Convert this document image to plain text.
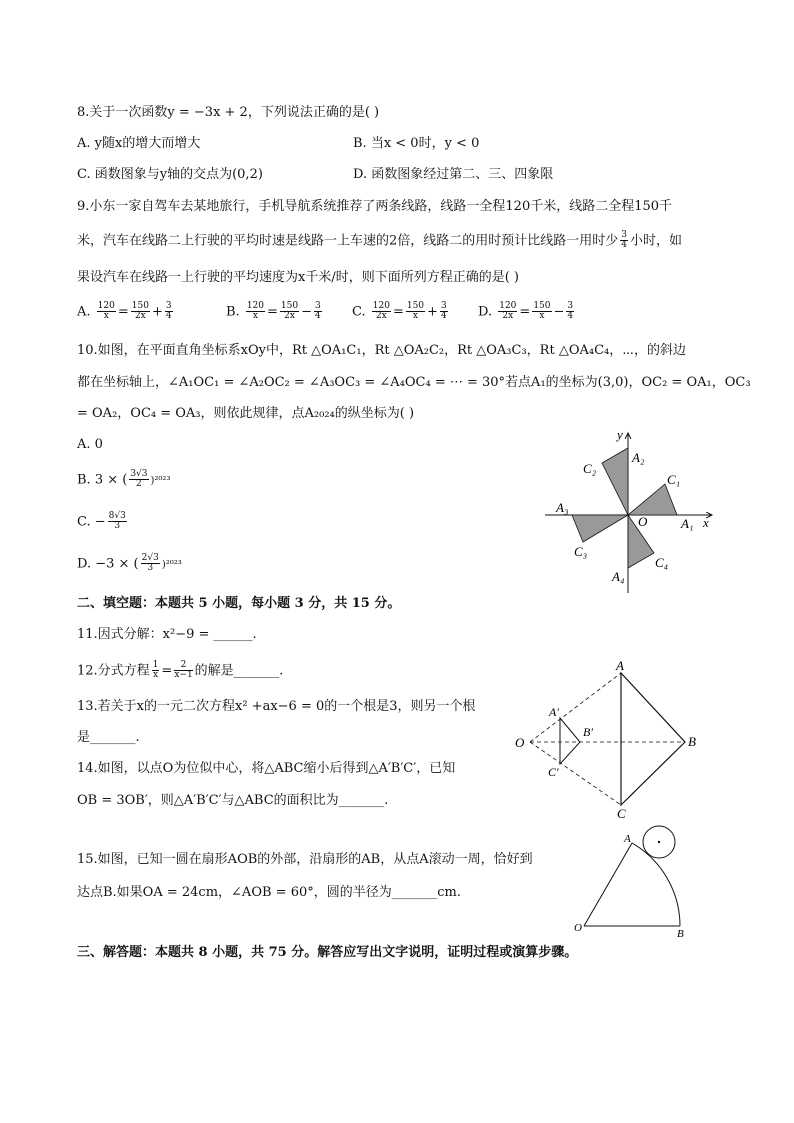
8.关于一次函数y = −3x + 2，下列说法正确的是( )
A. y随x的增大而增大	B. 当x < 0时，y < 0
C. 函数图象与y轴的交点为(0,2)	D. 函数图象经过第二、三、四象限
9.小东一家自驾车去某地旅行，手机导航系统推荐了两条线路，线路一全程120千米，线路二全程150千
米，汽车在线路二上行驶的平均时速是线路一上车速的2倍，线路二的用时预计比线路一用时少 $\frac{3}{4}$ 小时，如
果设汽车在线路一上行驶的平均速度为x千米/时，则下面所列方程正确的是( )
A. $\frac{120}{x} = \frac{150}{2x} + \frac{3}{4}$	B. $\frac{120}{x} = \frac{150}{2x} - \frac{3}{4} C$. $\frac{120}{2x} = \frac{150}{x} + \frac{3}{4} D$. $\frac{120}{2x} = \frac{150}{x} - \frac{3}{4}$
10.如图，在平面直角坐标系xOy中，Rt △OA₁C₁，Rt △OA₂C₂，Rt △OA₃C₃，Rt △OA₄C₄，⋯，的斜边
都在坐标轴上，∠A₁OC₁ = ∠A₂OC₂ = ∠A₃OC₃ = ∠A₄OC₄ = ⋯ = 30°若点A₁的坐标为(3,0)，OC₂ = OA₁，OC₃
= OA₂，OC₄ = OA₃，则依此规律，点A₂₀₂₄的纵坐标为( )
A. 0
B. 3 × ( $\frac{3√3}{2} )^{2023}$
C. − $\frac{8√3}{3}$
D. −3 × ( $\frac{2√3}{3} )^{2023}$
y
x
O	A₁
A₂
A₃
A₄
C₁
C₂
C₃
C₄
二、填空题：本题共 5 小题，每小题 3 分，共 15 分。
11.因式分解：x²−9 = ______.
12.分式方程 $\frac{1}{x} = \frac{2}{x-1}$ 的解是_______.
13.若关于x的一元二次方程x² +ax−6 = 0的一个根是3，则另一个根
是_______.
14.如图，以点O为位似中心，将△ABC缩小后得到△A′B′C′，已知
OB = 3OB′，则△A′B′C′与△ABC的面积比为_______.
A
B
C
O
A′
B′
C′
15.如图，已知一圆在扇形AOB的外部，沿扇形的AB，从点A滚动一周，恰好到
达点B.如果OA = 24cm，∠AOB = 60°，圆的半径为_______cm.
A
O	B
三、解答题：本题共 8 小题，共 75 分。解答应写出文字说明，证明过程或演算步骤。
